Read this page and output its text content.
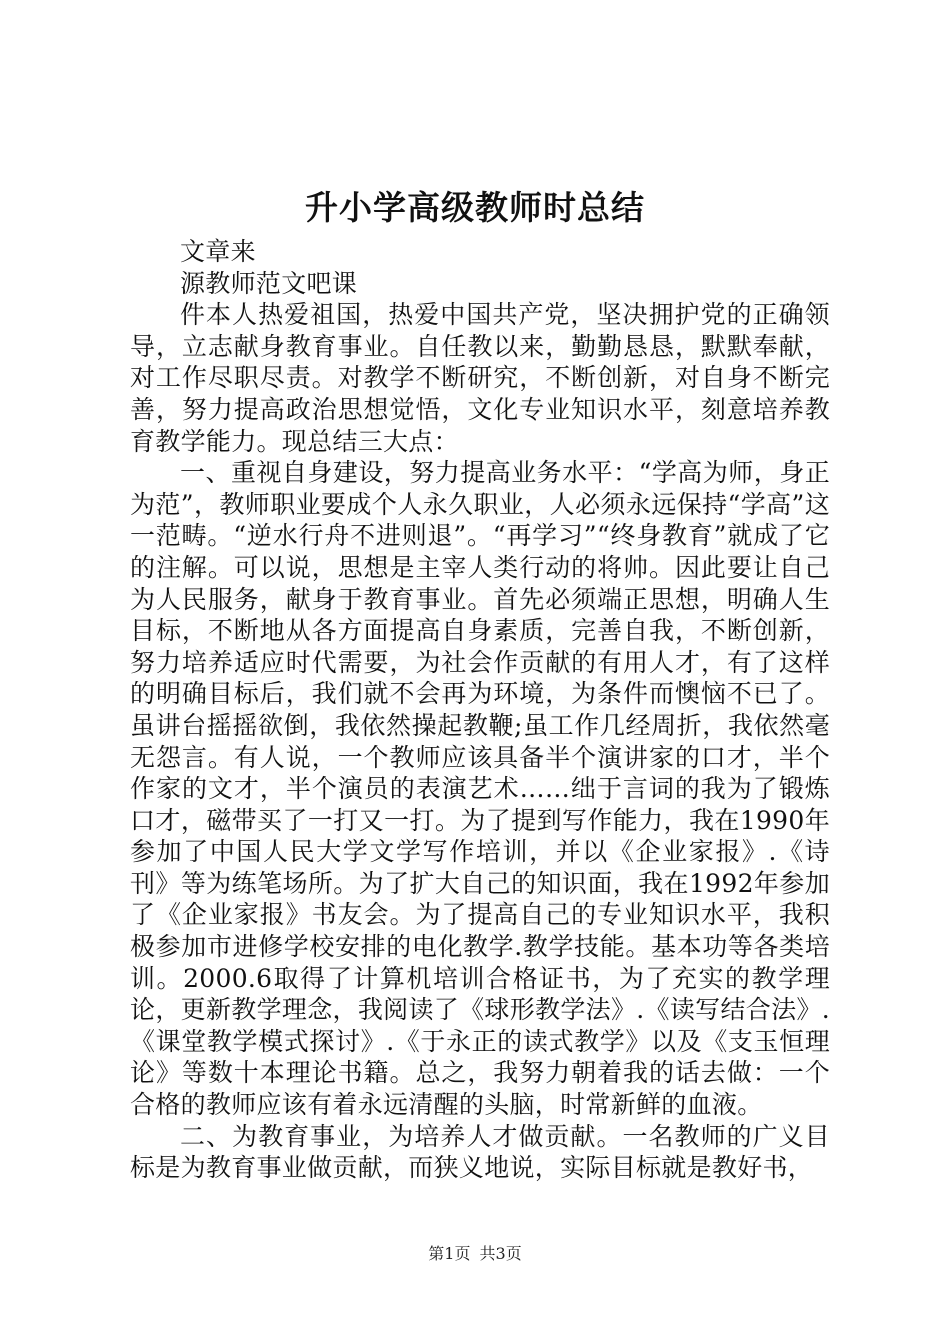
升小学高级教师时总结

文章来

源教师范文吧课

件本人热爱祖国，热爱中国共产党，坚决拥护党的正确领导，立志献身教育事业。自任教以来，勤勤恳恳，默默奉献，对工作尽职尽责。对教学不断研究，不断创新，对自身不断完善，努力提高政治思想觉悟，文化专业知识水平，刻意培养教育教学能力。现总结三大点：

一、重视自身建设，努力提高业务水平：“学高为师，身正为范”，教师职业要成个人永久职业，人必须永远保持“学高”这一范畴。“逆水行舟不进则退”。“再学习”“终身教育”就成了它的注解。可以说，思想是主宰人类行动的将帅。因此要让自己为人民服务，献身于教育事业。首先必须端正思想，明确人生目标，不断地从各方面提高自身素质，完善自我，不断创新，努力培养适应时代需要，为社会作贡献的有用人才，有了这样的明确目标后，我们就不会再为环境，为条件而懊恼不已了。虽讲台摇摇欲倒，我依然操起教鞭;虽工作几经周折，我依然毫无怨言。有人说，一个教师应该具备半个演讲家的口才，半个作家的文才，半个演员的表演艺术……绌于言词的我为了锻炼口才，磁带买了一打又一打。为了提到写作能力，我在1990年参加了中国人民大学文学写作培训，并以《企业家报》.《诗刊》等为练笔场所。为了扩大自己的知识面，我在1992年参加了《企业家报》书友会。为了提高自己的专业知识水平，我积极参加市进修学校安排的电化教学.教学技能。基本功等各类培训。2000.6取得了计算机培训合格证书，为了充实的教学理论，更新教学理念，我阅读了《球形教学法》.《读写结合法》.《课堂教学模式探讨》.《于永正的读式教学》以及《支玉恒理论》等数十本理论书籍。总之，我努力朝着我的话去做：一个合格的教师应该有着永远清醒的头脑，时常新鲜的血液。

二、为教育事业，为培养人才做贡献。一名教师的广义目标是为教育事业做贡献，而狭义地说，实际目标就是教好书，

第1页 共3页
